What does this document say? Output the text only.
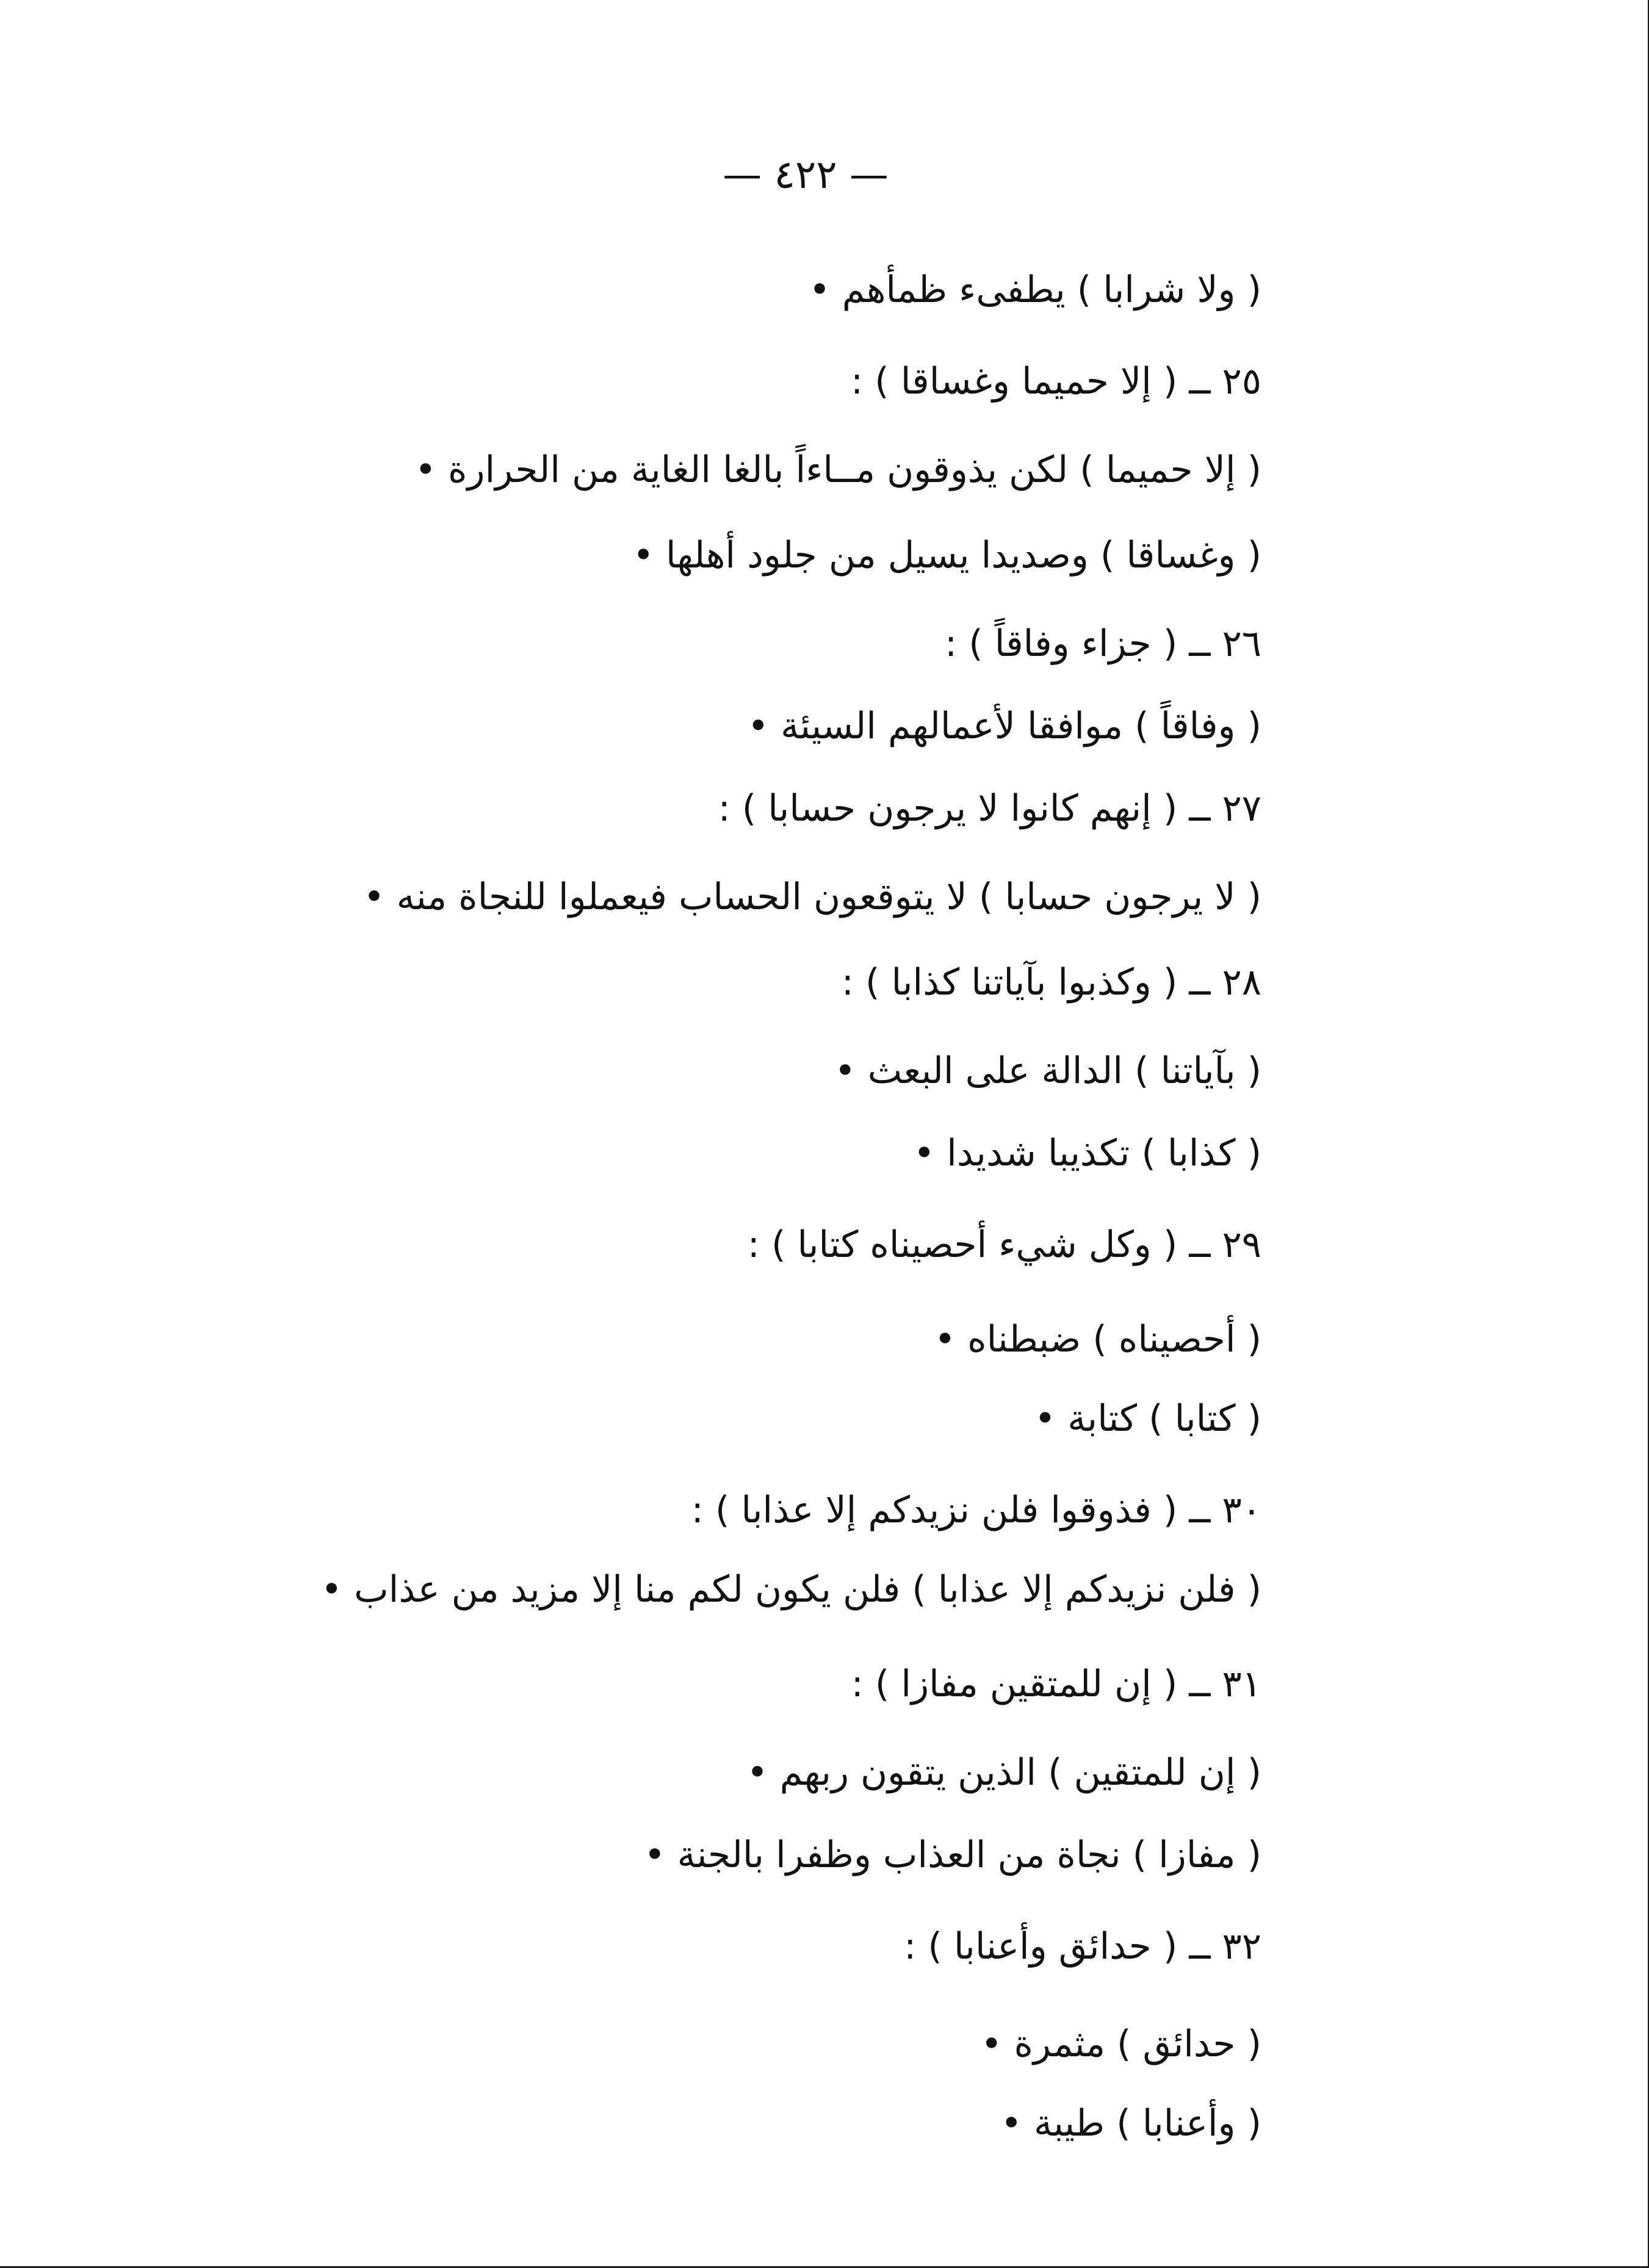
— ٤٢٢ —
( ولا شرابا ) يطفىء ظمأهم •
٢٥ ــ ( إلا حميما وغساقا ) :
( إلا حميما ) لكن يذوقون مــاءاً بالغا الغاية من الحرارة •
( وغساقا ) وصديدا يسيل من جلود أهلها •
٢٦ ــ ( جزاء وفاقاً ) :
( وفاقاً ) موافقا لأعمالهم السيئة •
٢٧ ــ ( إنهم كانوا لا يرجون حسابا ) :
( لا يرجون حسابا ) لا يتوقعون الحساب فيعملوا للنجاة منه •
٢٨ ــ ( وكذبوا بآياتنا كذابا ) :
( بآياتنا ) الدالة على البعث •
( كذابا ) تكذيبا شديدا •
٢٩ ــ ( وكل شيء أحصيناه كتابا ) :
( أحصيناه ) ضبطناه •
( كتابا ) كتابة •
٣٠ ــ ( فذوقوا فلن نزيدكم إلا عذابا ) :
( فلن نزيدكم إلا عذابا ) فلن يكون لكم منا إلا مزيد من عذاب •
٣١ ــ ( إن للمتقين مفازا ) :
( إن للمتقين ) الذين يتقون ربهم •
( مفازا ) نجاة من العذاب وظفرا بالجنة •
٣٢ ــ ( حدائق وأعنابا ) :
( حدائق ) مثمرة •
( وأعنابا ) طيبة •
